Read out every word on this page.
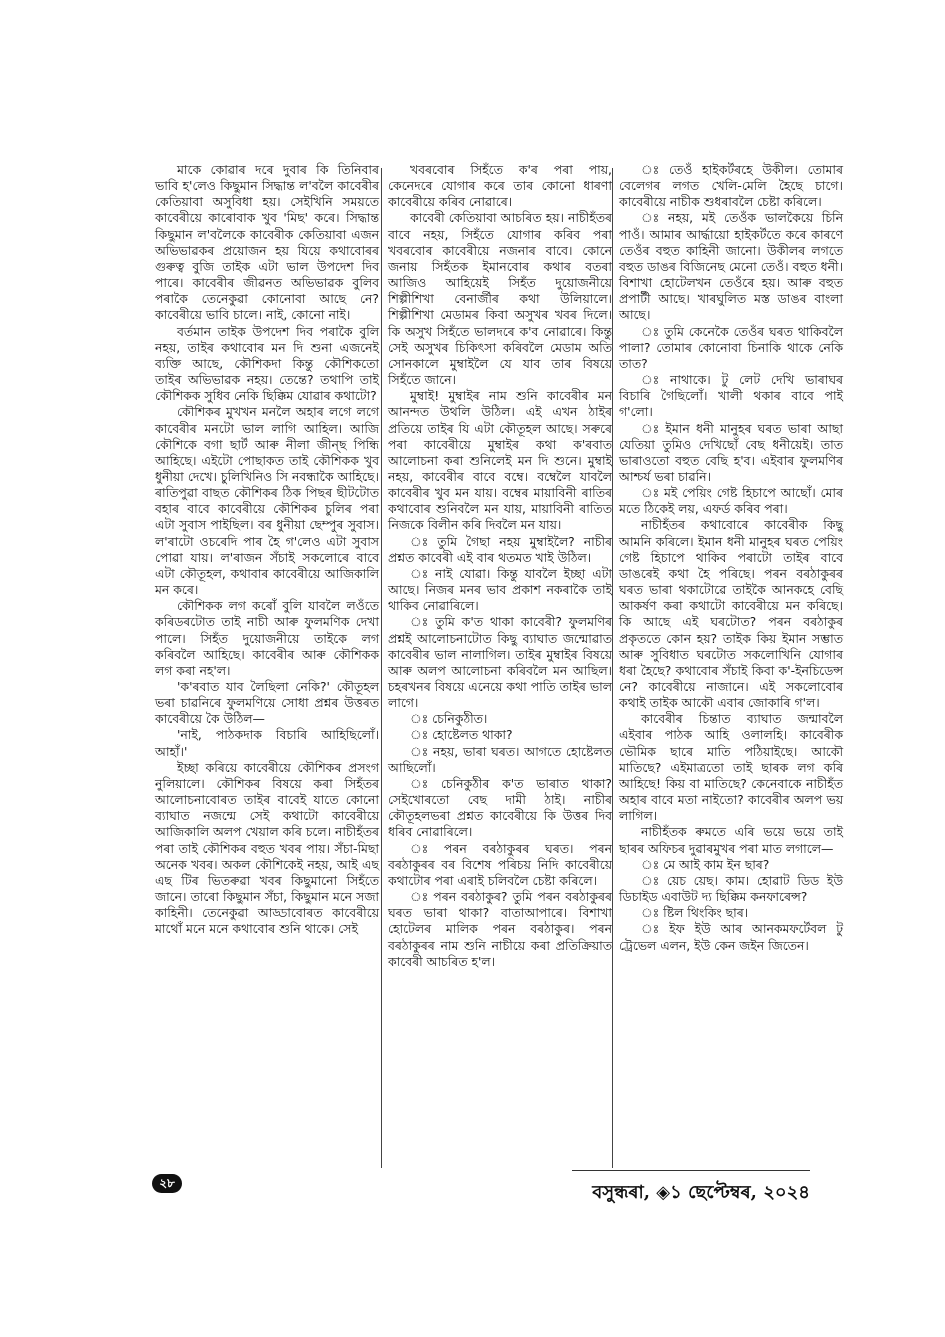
মাকে কোৱাৰ দৰে দুবাৰ কি তিনিবাৰ ভাবি হ'লেও কিছুমান সিদ্ধান্ত ল'বলৈ কাবেৰীৰ কেতিয়াবা অসুবিধা হয়। সেইখিনি সময়তে কাবেৰীয়ে কাৰোবাক খুব 'মিছ' কৰে। সিদ্ধান্ত কিছুমান ল'বলৈকে কাবেৰীক কেতিয়াবা এজন অভিভাৱকৰ প্ৰয়োজন হয় যিয়ে কথাবোৰৰ গুৰুত্ব বুজি তাইক এটা ভাল উপদেশ দিব পাৰে। কাবেৰীৰ জীৱনত অভিভাৱক বুলিব পৰাকৈ তেনেকুৱা কোনোবা আছে নে? কাবেৰীয়ে ভাবি চালে। নাই, কোনো নাই।

বৰ্তমান তাইক উপদেশ দিব পৰাকৈ বুলি নহয়, তাইৰ কথাবোৰ মন দি শুনা এজনেই ব্যক্তি আছে, কৌশিকদা কিন্তু কৌশিকতো তাইৰ অভিভাৱক নহয়। তেন্তে? তথাপি তাই কৌশিকক সুধিব নেকি ছিক্কিম যোৱাৰ কথাটো?

কৌশিকৰ মুখখন মনলৈ অহাৰ লগে লগে কাবেৰীৰ মনটো ভাল লাগি আহিল। আজি কৌশিকে বগা ছাৰ্ট আৰু নীলা জীন্‌ছ পিন্ধি আহিছে। এইটো পোছাকত তাই কৌশিকক খুব ধুনীয়া দেখে। চুলিখিনিও সি নবন্ধাকৈ আহিছে। ৰাতিপুৱা বাছত কৌশিকৰ ঠিক পিছৰ ছীটটোত বহাৰ বাবে কাবেৰীয়ে কৌশিকৰ চুলিৰ পৰা এটা সুবাস পাইছিল। বৰ ধুনীয়া ছেম্পুৰ সুবাস। ল'ৰাটো ওচৰেদি পাৰ হৈ গ'লেও এটা সুবাস পোৱা যায়। ল'ৰাজন সঁচাই সকলোৰে বাবে এটা কৌতূহল, কথাবাৰ কাবেৰীয়ে আজিকালি মন কৰে।

কৌশিকক লগ কৰোঁ বুলি যাবলৈ লওঁতে কৰিডৰটোত তাই নাচী আৰু ফুলমণিক দেখা পালে। সিহঁত দুয়োজনীয়ে তাইকে লগ কৰিবলৈ আহিছে। কাবেৰীৰ আৰু কৌশিকক লগ কৰা নহ'ল।

'ক'ৰবাত যাব লৈছিলা নেকি?' কৌতূহল ভৰা চাৱনিৰে ফুলমণিয়ে সোধা প্ৰশ্নৰ উত্তৰত কাবেৰীয়ে কৈ উঠিল—

'নাই, পাঠকদাক বিচাৰি আহিছিলোঁ। আহাঁ।'

ইচ্ছা কৰিয়ে কাবেৰীয়ে কৌশিকৰ প্ৰসংগ নুলিয়ালে। কৌশিকৰ বিষয়ে কৰা সিহঁতৰ আলোচনাবোৰত তাইৰ বাবেই যাতে কোনো ব্যাঘাত নজন্মে সেই কথাটো কাবেৰীয়ে আজিকালি অলপ খেয়াল কৰি চলে। নাচীহঁতৰ পৰা তাই কৌশিকৰ বহুত খবৰ পায়। সঁচা-মিছা অনেক খবৰ। অকল কৌশিকেই নহয়, আই এছ এছ টিৰ ভিতৰুৱা খবৰ কিছুমানো সিহঁতে জানে। তাৰো কিছুমান সঁচা, কিছুমান মনে সজা কাহিনী। তেনেকুৱা আড্ডাবোৰত কাবেৰীয়ে মাথোঁ মনে মনে কথাবোৰ শুনি থাকে। সেই

খবৰবোৰ সিহঁতে ক'ৰ পৰা পায়, কেনেদৰে যোগাৰ কৰে তাৰ কোনো ধাৰণা কাবেৰীয়ে কৰিব নোৱাৰে।

কাবেৰী কেতিয়াবা আচৰিত হয়। নাচীহঁতৰ বাবে নহয়, সিহঁতে যোগাৰ কৰিব পৰা খবৰবোৰ কাবেৰীয়ে নজনাৰ বাবে। কোনে জনায় সিহঁতক ইমানবোৰ কথাৰ বতৰা আজিও আহিয়েই সিহঁত দুয়োজনীয়ে শিল্পীশিখা বেনাৰ্জীৰ কথা উলিয়ালে। শিল্পীশিখা মেডামৰ কিবা অসুখৰ খবৰ দিলে। কি অসুখ সিহঁতে ভালদৰে ক'ব নোৱাৰে। কিন্তু সেই অসুখৰ চিকিৎসা কৰিবলৈ মেডাম অতি সোনকালে মুম্বাইলৈ যে যাব তাৰ বিষয়ে সিহঁতে জানে।

মুম্বাই! মুম্বাইৰ নাম শুনি কাবেৰীৰ মন আনন্দত উথলি উঠিল। এই এখন ঠাইৰ প্ৰতিয়ে তাইৰ যি এটা কৌতূহল আছে। সৰুৰে পৰা কাবেৰীয়ে মুম্বাইৰ কথা ক'ৰবাত আলোচনা কৰা শুনিলেই মন দি শুনে। মুম্বাই নহয়, কাবেৰীৰ বাবে বম্বে। বম্বেলৈ যাবলৈ কাবেৰীৰ খুব মন যায়। বম্বেৰ মায়াবিনী ৰাতিৰ কথাবোৰ শুনিবলৈ মন যায়, মায়াবিনী ৰাতিত নিজকে বিলীন কৰি দিবলৈ মন যায়।

ঃ তুমি গৈছা নহয় মুম্বাইলৈ? নাচীৰ প্ৰশ্নত কাবেৰী এই বাৰ থতমত খাই উঠিল।

ঃ নাই যোৱা। কিন্তু যাবলৈ ইচ্ছা এটা আছে। নিজৰ মনৰ ভাব প্ৰকাশ নকৰাকৈ তাই থাকিব নোৱাৰিলে।

ঃ তুমি ক'ত থাকা কাবেৰী? ফুলমণিৰ প্ৰশ্নই আলোচনাটোত কিছু ব্যাঘাত জন্মোৱাত কাবেৰীৰ ভাল নালাগিল। তাইৰ মুম্বাইৰ বিষয়ে আৰু অলপ আলোচনা কৰিবলৈ মন আছিল। চহৰখনৰ বিষয়ে এনেয়ে কথা পাতি তাইৰ ভাল লাগে।

ঃ চেনিকুঠীত।

ঃ হোষ্টেলত থাকা?

ঃ নহয়, ভাৰা ঘৰত। আগতে হোষ্টেলত আছিলোঁ।

ঃ চেনিকুঠীৰ ক'ত ভাৰাত থাকা? সেইখোৰতো বেছ দামী ঠাই। নাচীৰ কৌতূহলভৰা প্ৰশ্নত কাবেৰীয়ে কি উত্তৰ দিব ধৰিব নোৱাৰিলে।

ঃ পৰন বৰঠাকুৰৰ ঘৰত। পৰন বৰঠাকুৰৰ বৰ বিশেষ পৰিচয় নিদি কাবেৰীয়ে কথাটোৰ পৰা এৰাই চলিবলৈ চেষ্টা কৰিলে।

ঃ পৰন বৰঠাকুৰ? তুমি পৰন বৰঠাকুৰৰ ঘৰত ভাৰা থাকা? বাতাআপাৰে। বিশাখা হোটেলৰ মালিক পৰন বৰঠাকুৰ। পৰন বৰঠাকুৰৰ নাম শুনি নাচীয়ে কৰা প্ৰতিক্ৰিয়াত কাবেৰী আচৰিত হ'ল।

ঃ তেওঁ হাইকৰ্টৰহে উকীল। তোমাৰ বেলেগৰ লগত খেলি-মেলি হৈছে চাগে। কাবেৰীয়ে নাচীক শুধৰাবলৈ চেষ্টা কৰিলে।

ঃ নহয়, মই তেওঁক ভালকৈয়ে চিনি পাওঁ। আমাৰ আৰ্দ্ধায়ো হাইকৰ্টতে কৰে কাৰণে তেওঁৰ বহুত কাহিনী জানো। উকীলৰ লগতে বহুত ডাঙৰ বিজিনেছ মেনো তেওঁ। বহুত ধনী। বিশাখা হোটেলখন তেওঁৰে হয়। আৰু বহুত প্ৰপাৰ্টী আছে। খাৰঘুলিত মস্ত ডাঙৰ বাংলা আছে।

ঃ তুমি কেনেকৈ তেওঁৰ ঘৰত থাকিবলৈ পালা? তোমাৰ কোনোবা চিনাকি থাকে নেকি তাত?

ঃ নাথাকে। টু লেট দেখি ভাৰাঘৰ বিচাৰি গৈছিলোঁ। খালী থকাৰ বাবে পাই গ'লো।

ঃ ইমান ধনী মানুহৰ ঘৰত ভাৰা আছা যেতিয়া তুমিও দেখিছোঁ বেছ ধনীয়েই। তাত ভাৰাওতো বহুত বেছি হ'ব। এইবাৰ ফুলমণিৰ আশ্চৰ্য ভৰা চাৱনি।

ঃ মই পেয়িং গেষ্ট হিচাপে আছোঁ। মোৰ মতে ঠিকেই লয়, এফৰ্ড কৰিব পৰা।

নাচীহঁতৰ কথাবোৰে কাবেৰীক কিছু আমনি কৰিলে। ইমান ধনী মানুহৰ ঘৰত পেয়িং গেষ্ট হিচাপে থাকিব পৰাটো তাইৰ বাবে ডাঙৰেই কথা হৈ পৰিছে। পৰন বৰঠাকুৰৰ ঘৰত ভাৰা থকাটোৱে তাইকৈ আনকহে বেছি আকৰ্ষণ কৰা কথাটো কাবেৰীয়ে মন কৰিছে। কি আছে এই ঘৰটোত? পৰন বৰঠাকুৰ প্ৰকৃততে কোন হয়? তাইক কিয় ইমান সম্ভাত আৰু সুবিধাত ঘৰটোত সকলোখিনি যোগাৰ ধৰা হৈছে? কথাবোৰ সঁচাই কিবা ক'-ইনচিডেন্স নে? কাবেৰীয়ে নাজানে। এই সকলোবোৰ কথাই তাইক আকৌ এবাৰ জোকাৰি গ'ল।

কাবেৰীৰ চিন্তাত ব্যাঘাত জন্মাবলৈ এইবাৰ পাঠক আহি ওলালহি। কাবেৰীক ভৌমিক ছাৰে মাতি পঠিয়াইছে। আকৌ মাতিছে? এইমাত্ৰতো তাই ছাৰক লগ কৰি আহিছে! কিয় বা মাতিছে? কেনেবাকে নাচীহঁত অহাৰ বাবে মতা নাইতো? কাবেৰীৰ অলপ ভয় লাগিল।

নাচীহঁতক ৰুমতে এৰি ভয়ে ভয়ে তাই ছাৰৰ অফিচৰ দুৱাৰমুখৰ পৰা মাত লগালে—

ঃ মে আই কাম ইন ছাৰ?

ঃ য়েচ য়েছ। কাম। হোৱাট ডিড ইউ ডিচাইড এবাউট দ্য ছিক্কিম কনফাৰেন্স?

ঃ ষ্টিল থিংকিং ছাৰ।

ঃ ইফ ইউ আৰ আনকমফৰ্টেবল টু ট্ৰেভেল এলন, ইউ কেন জইন জিতেন।

২৮	বসুন্ধৰা, ◈১ ছেপ্টেম্বৰ, ২০২৪
